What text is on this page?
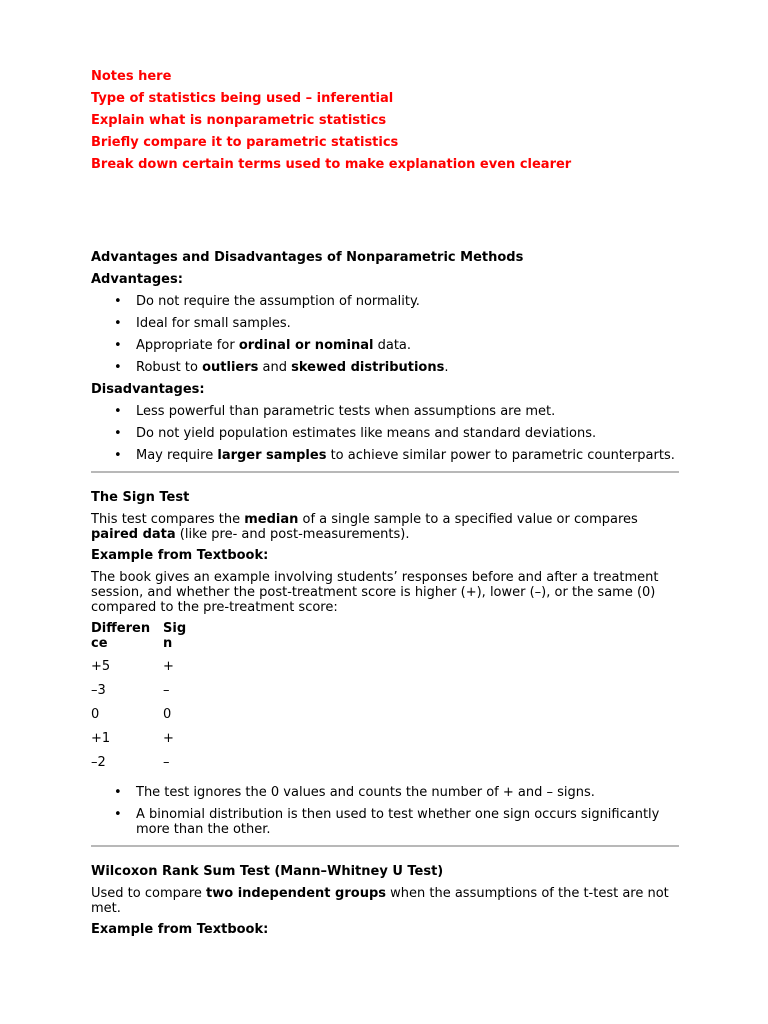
Notes here

Type of statistics being used – inferential

Explain what is nonparametric statistics

Briefly compare it to parametric statistics

Break down certain terms used to make explanation even clearer

Advantages and Disadvantages of Nonparametric Methods
Advantages:
• Do not require the assumption of normality.
• Ideal for small samples.
• Appropriate for ordinal or nominal data.
• Robust to outliers and skewed distributions.
Disadvantages:
• Less powerful than parametric tests when assumptions are met.
• Do not yield population estimates like means and standard deviations.
• May require larger samples to achieve similar power to parametric counterparts.
The Sign Test

This test compares the median of a single sample to a specified value or compares paired data (like pre- and post-measurements).

Example from Textbook:

The book gives an example involving students’ responses before and after a treatment session, and whether the post-treatment score is higher (+), lower (–), or the same (0) compared to the pre-treatment score:

Differen ce	Sig n
+5	+
–3	–
0	0
+1	+
–2	–
• The test ignores the 0 values and counts the number of + and – signs.
• A binomial distribution is then used to test whether one sign occurs significantly more than the other.
Wilcoxon Rank Sum Test (Mann–Whitney U Test)

Used to compare two independent groups when the assumptions of the t-test are not met.

Example from Textbook:
